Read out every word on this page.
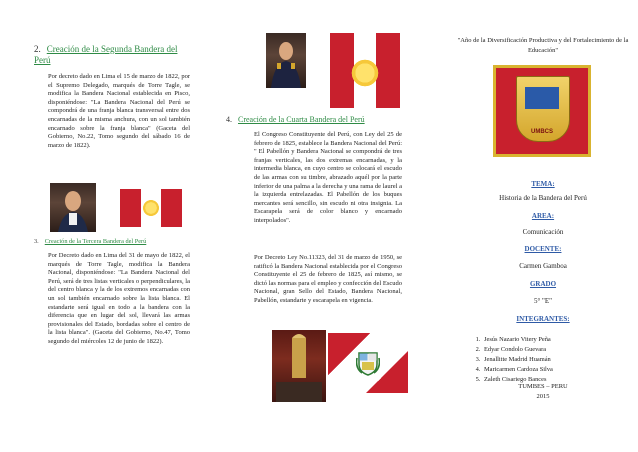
2. Creación de la Segunda Bandera del Perú

Por decreto dado en Lima el 15 de marzo de 1822, por el Supremo Delegado, marqués de Torre Tagle, se modifica la Bandera Nacional establecida en Pisco, disponiéndose: "La Bandera Nacional del Perú se compondrá de una franja blanca transversal entre dos encarnadas de la misma anchura, con un sol también encarnado sobre la franja blanca" (Gaceta del Gobierno, No.22, Tomo segundo del sábado 16 de marzo de 1822).

3. Creación de la Tercera Bandera del Perú

Por Decreto dado en Lima del 31 de mayo de 1822, el marqués de Torre Tagle, modifica la Bandera Nacional, disponiéndose: "La Bandera Nacional del Perú, será de tres listas verticales o perpendiculares, la del centro blanca y la de los extremos encarnadas con un sol también encarnado sobre la lista blanca. El estandarte será igual en todo a la bandera con la diferencia que en lugar del sol, llevará las armas provisionales del Estado, bordadas sobre el centro de la lista blanca". (Gaceta del Gobierno, No.47, Tomo segundo del miércoles 12 de junio de 1822).

4. Creación de la Cuarta Bandera del Perú

El Congreso Constituyente del Perú, con Ley del 25 de febrero de 1825, establece la Bandera Nacional del Perú: " El Pabellón y Bandera Nacional se compondrá de tres franjas verticales, las dos extremas encarnadas, y la intermedia blanca, en cuyo centro se colocará el escudo de las armas con su timbre, abrazado aquél por la parte inferior de una palma a la derecha y una rama de laurel a la izquierda entrelazadas. El Pabellón de los buques mercantes será sencillo, sin escudo ni otra insignia. La Escarapela será de color blanco y encarnado interpolados".

Por Decreto Ley No.11323, del 31 de marzo de 1950, se ratificó la Bandera Nacional establecida por el Congreso Constituyente el 25 de febrero de 1825, así mismo, se dictó las normas para el empleo y confección del Escudo Nacional, gran Sello del Estado, Bandera Nacional, Pabellón, estandarte y escarapela en vigencia.

"Año de la Diversificación Productiva y del Fortalecimiento de la Educación"
UMBCS
TEMA:
Historia de la Bandera del Perú
AREA:
Comunicación
DOCENTE:
Carmen Gamboa
GRADO
5° "E"
INTEGRANTES:
1. Jesús Nazario Vitery Peña
2. Edyar Condolo Guevara
3. Jenallitte Madrid Huamán
4. Maricarmen Cardoza Silva
5. Zaleth Cisariego Bances
TUMBES – PERU
2015
